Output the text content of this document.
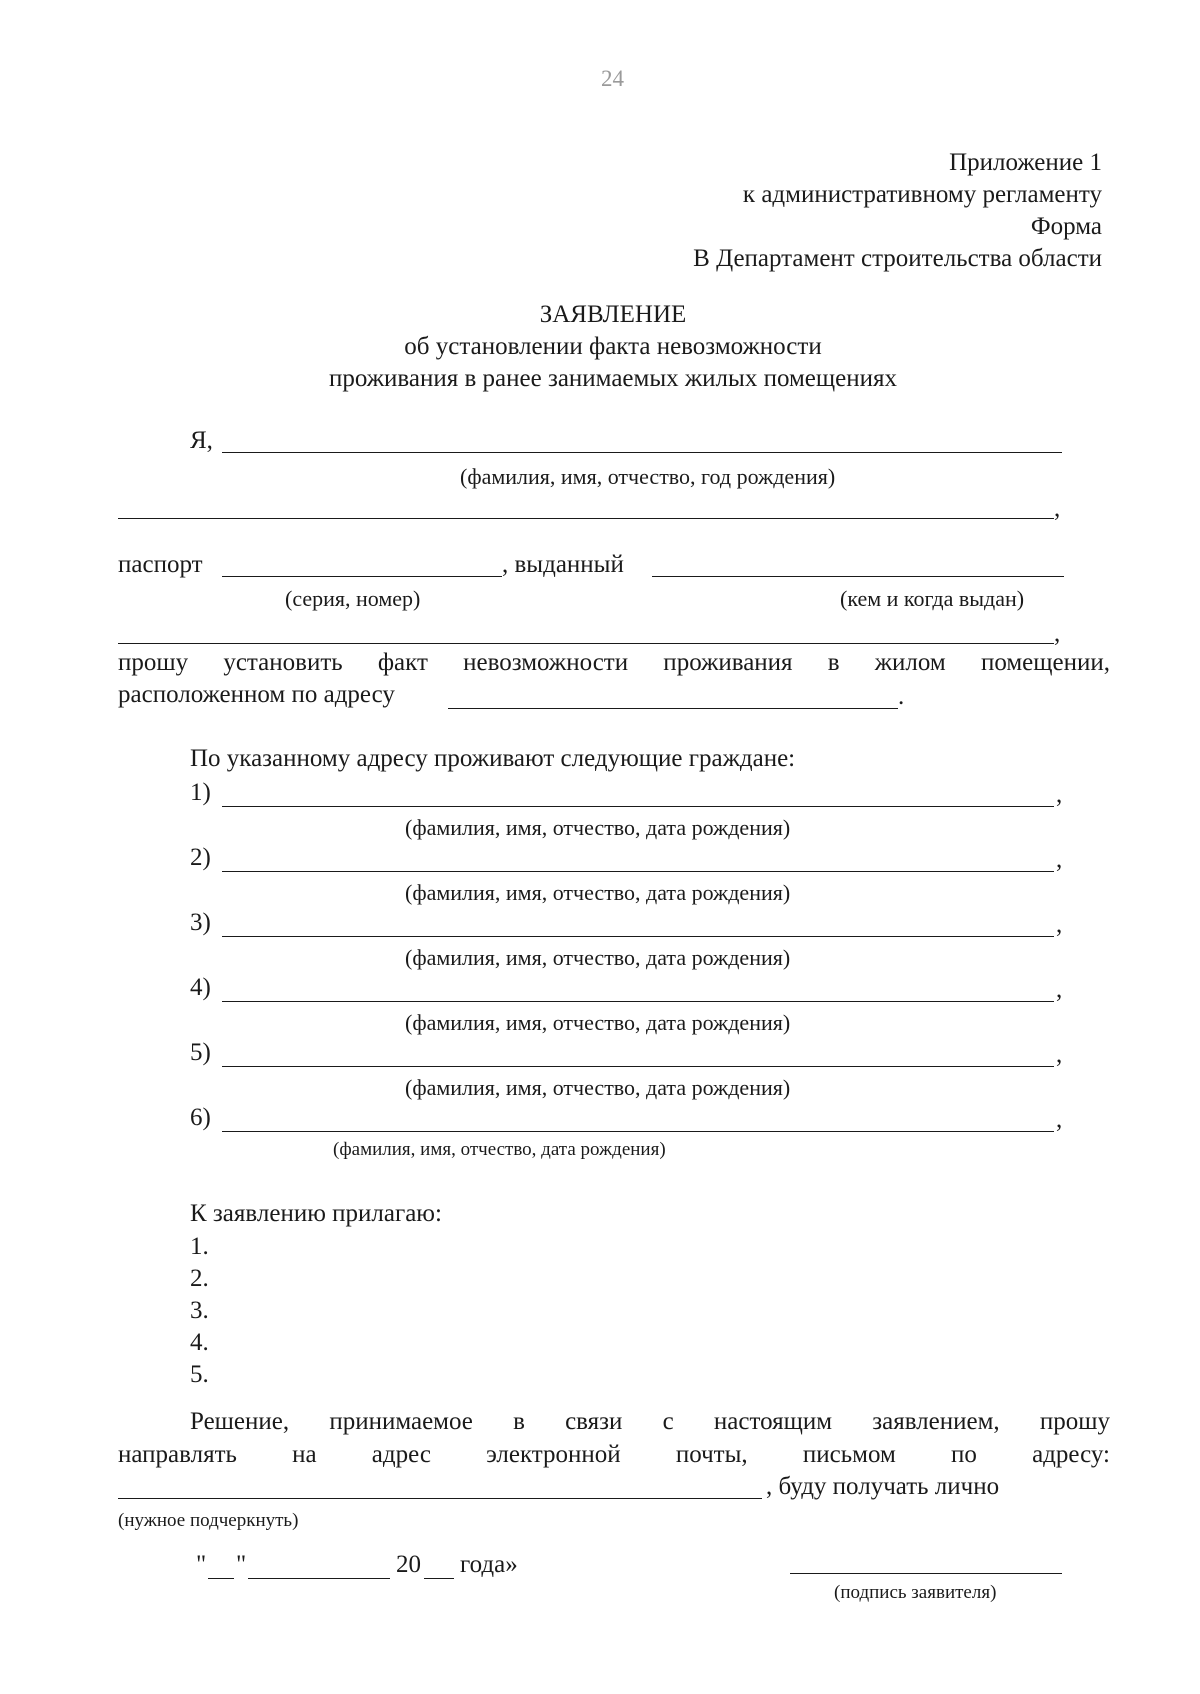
24
Приложение 1
к административному регламенту
Форма
В Департамент строительства области
ЗАЯВЛЕНИЕ
об установлении факта невозможности
проживания в ранее занимаемых жилых помещениях
Я,
(фамилия, имя, отчество, год рождения)
,
паспорт	, выданный
(серия, номер)	(кем и когда выдан)
,
прошу установить факт невозможности проживания в жилом помещении,
расположенном по адресу	.
По указанному адресу проживают следующие граждане:
1)	,
(фамилия, имя, отчество, дата рождения)
2)	,
(фамилия, имя, отчество, дата рождения)
3)	,
(фамилия, имя, отчество, дата рождения)
4)	,
(фамилия, имя, отчество, дата рождения)
5)	,
(фамилия, имя, отчество, дата рождения)
6)	,
(фамилия, имя, отчество, дата рождения)
К заявлению прилагаю:
1.
2.
3.
4.
5.
Решение, принимаемое в связи с настоящим заявлением, прошу
направлять на адрес электронной почты, письмом по адресу:
, буду получать лично
(нужное подчеркнуть)
" "	20 года»
(подпись заявителя)
